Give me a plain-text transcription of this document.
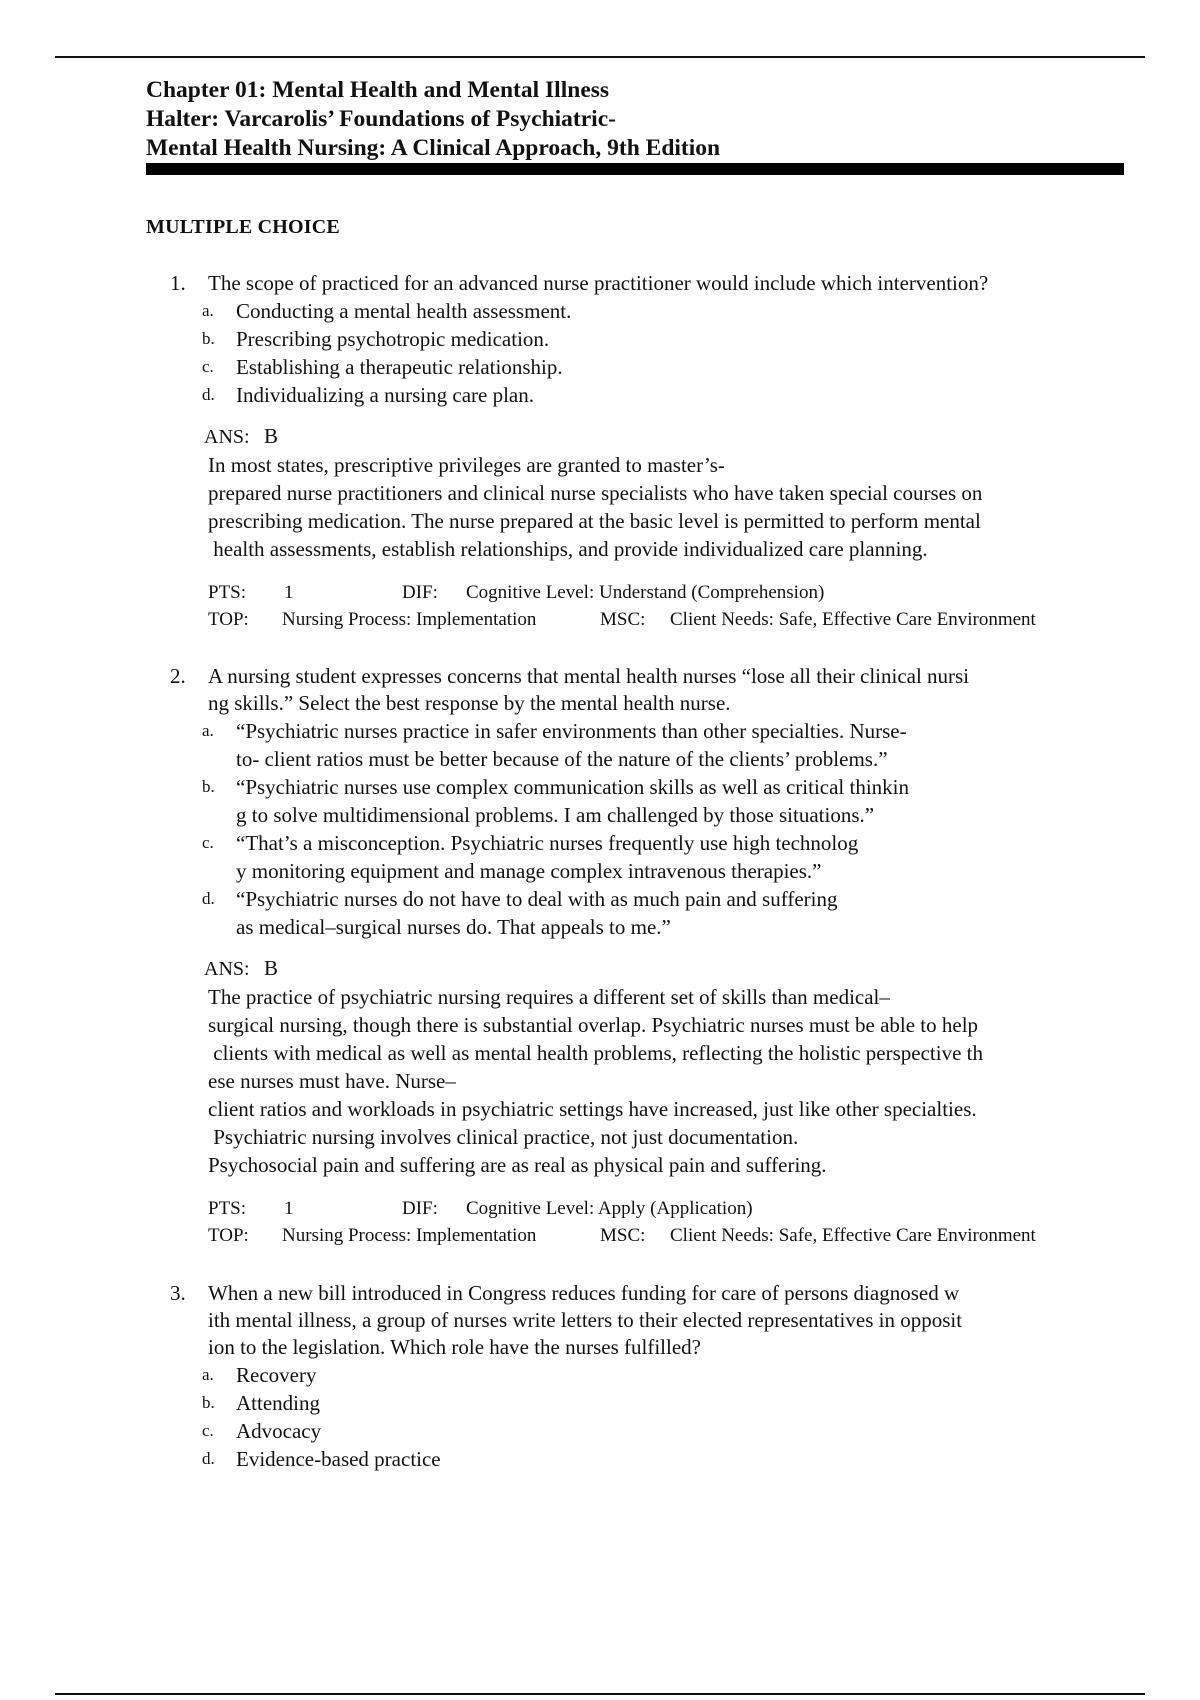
Chapter 01: Mental Health and Mental Illness

Halter: Varcarolis’ Foundations of Psychiatric-

Mental Health Nursing: A Clinical Approach, 9th Edition

MULTIPLE CHOICE
1.	The scope of practiced for an advanced nurse practitioner would include which intervention?
a.	Conducting a mental health assessment.
b.	Prescribing psychotropic medication.
c.	Establishing a therapeutic relationship.
d.	Individualizing a nursing care plan.
ANS: B
In most states, prescriptive privileges are granted to master’s-
prepared nurse practitioners and clinical nurse specialists who have taken special courses on
prescribing medication. The nurse prepared at the basic level is permitted to perform mental
health assessments, establish relationships, and provide individualized care planning.
PTS:	1	DIF:	Cognitive Level: Understand (Comprehension)
TOP:	Nursing Process: Implementation	MSC:	Client Needs: Safe, Effective Care Environment
2.	A nursing student expresses concerns that mental health nurses “lose all their clinical nursi
ng skills.” Select the best response by the mental health nurse.
a.	“Psychiatric nurses practice in safer environments than other specialties. Nurse-
to- client ratios must be better because of the nature of the clients’ problems.”
b.	“Psychiatric nurses use complex communication skills as well as critical thinkin
g to solve multidimensional problems. I am challenged by those situations.”
c.	“That’s a misconception. Psychiatric nurses frequently use high technolog
y monitoring equipment and manage complex intravenous therapies.”
d.	“Psychiatric nurses do not have to deal with as much pain and suffering
as medical–surgical nurses do. That appeals to me.”
ANS: B
The practice of psychiatric nursing requires a different set of skills than medical–
surgical nursing, though there is substantial overlap. Psychiatric nurses must be able to help
clients with medical as well as mental health problems, reflecting the holistic perspective th
ese nurses must have. Nurse–
client ratios and workloads in psychiatric settings have increased, just like other specialties.
Psychiatric nursing involves clinical practice, not just documentation.
Psychosocial pain and suffering are as real as physical pain and suffering.
PTS:	1	DIF:	Cognitive Level: Apply (Application)
TOP:	Nursing Process: Implementation	MSC:	Client Needs: Safe, Effective Care Environment
3.	When a new bill introduced in Congress reduces funding for care of persons diagnosed w
ith mental illness, a group of nurses write letters to their elected representatives in opposit
ion to the legislation. Which role have the nurses fulfilled?
a.	Recovery
b.	Attending
c.	Advocacy
d.	Evidence-based practice
